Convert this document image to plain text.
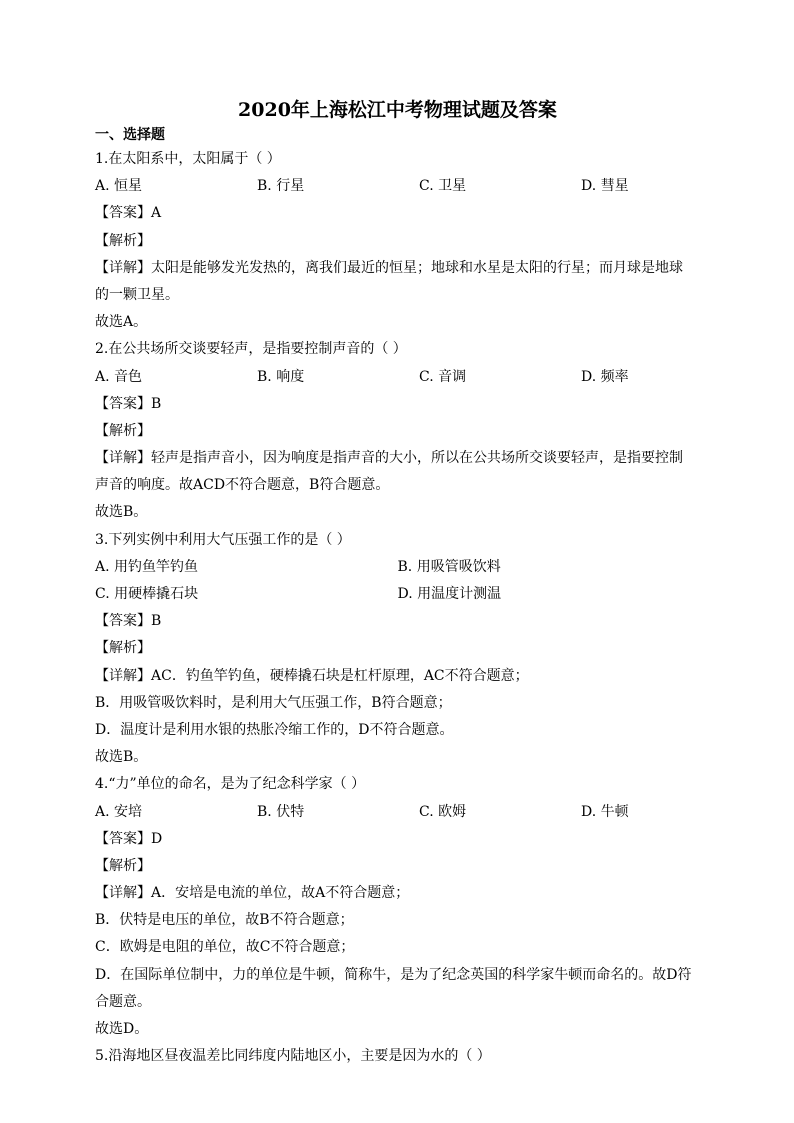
2020年上海松江中考物理试题及答案
一、选择题
1.在太阳系中，太阳属于（ ）
A. 恒星	B. 行星	C. 卫星	D. 彗星
【答案】A
【解析】
【详解】太阳是能够发光发热的，离我们最近的恒星；地球和水星是太阳的行星；而月球是地球
的一颗卫星。
故选A。
2.在公共场所交谈要轻声，是指要控制声音的（ ）
A. 音色	B. 响度	C. 音调	D. 频率
【答案】B
【解析】
【详解】轻声是指声音小，因为响度是指声音的大小，所以在公共场所交谈要轻声，是指要控制
声音的响度。故ACD不符合题意，B符合题意。
故选B。
3.下列实例中利用大气压强工作的是（ ）
A. 用钓鱼竿钓鱼	B. 用吸管吸饮料
C. 用硬棒撬石块	D. 用温度计测温
【答案】B
【解析】
【详解】AC．钓鱼竿钓鱼，硬棒撬石块是杠杆原理，AC不符合题意；
B．用吸管吸饮料时，是利用大气压强工作，B符合题意；
D．温度计是利用水银的热胀冷缩工作的，D不符合题意。
故选B。
4.“力”单位的命名，是为了纪念科学家（ ）
A. 安培	B. 伏特	C. 欧姆	D. 牛顿
【答案】D
【解析】
【详解】A．安培是电流的单位，故A不符合题意；
B．伏特是电压的单位，故B不符合题意；
C．欧姆是电阻的单位，故C不符合题意；
D．在国际单位制中，力的单位是牛顿，简称牛，是为了纪念英国的科学家牛顿而命名的。故D符
合题意。
故选D。
5.沿海地区昼夜温差比同纬度内陆地区小，主要是因为水的（ ）
